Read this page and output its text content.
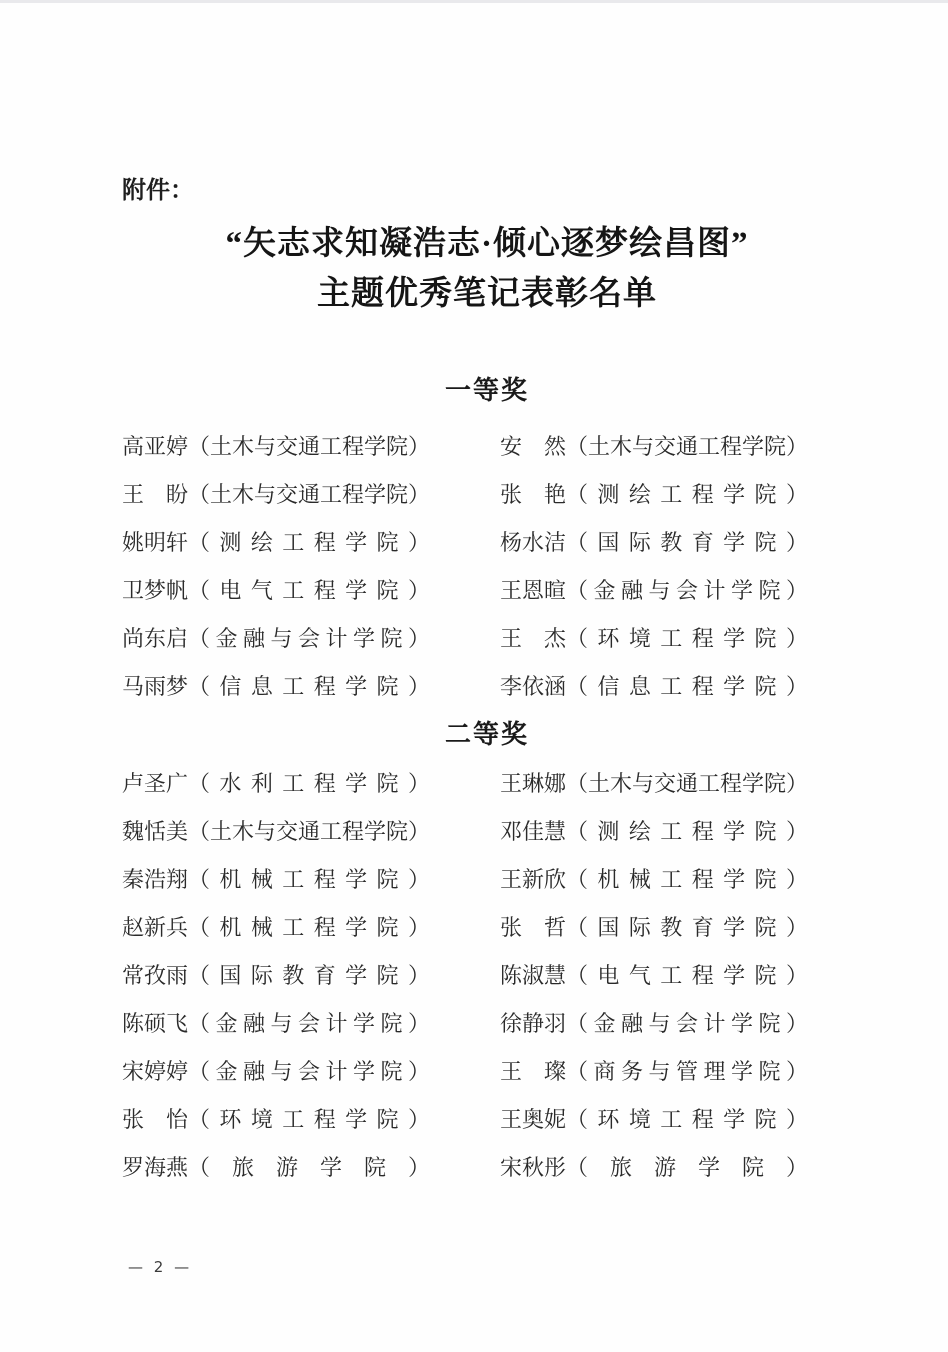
附件：
“矢志求知凝浩志·倾心逐梦绘昌图”
主题优秀笔记表彰名单
一等奖
高亚婷 （土木与交通工程学院）	安然 （土木与交通工程学院）
王盼 （土木与交通工程学院）	张艳 （测绘工程学院）
姚明轩 （测绘工程学院）	杨水洁 （国际教育学院）
卫梦帆 （电气工程学院）	王恩暄 （金融与会计学院）
尚东启 （金融与会计学院）	王杰 （环境工程学院）
马雨梦 （信息工程学院）	李依涵 （信息工程学院）
二等奖
卢圣广 （水利工程学院）	王琳娜 （土木与交通工程学院）
魏恬美 （土木与交通工程学院）	邓佳慧 （测绘工程学院）
秦浩翔 （机械工程学院）	王新欣 （机械工程学院）
赵新兵 （机械工程学院）	张哲 （国际教育学院）
常孜雨 （国际教育学院）	陈淑慧 （电气工程学院）
陈硕飞 （金融与会计学院）	徐静羽 （金融与会计学院）
宋婷婷 （金融与会计学院）	王璨 （商务与管理学院）
张怡 （环境工程学院）	王奥妮 （环境工程学院）
罗海燕 （旅游学院）	宋秋彤 （旅游学院）
— 2 —
